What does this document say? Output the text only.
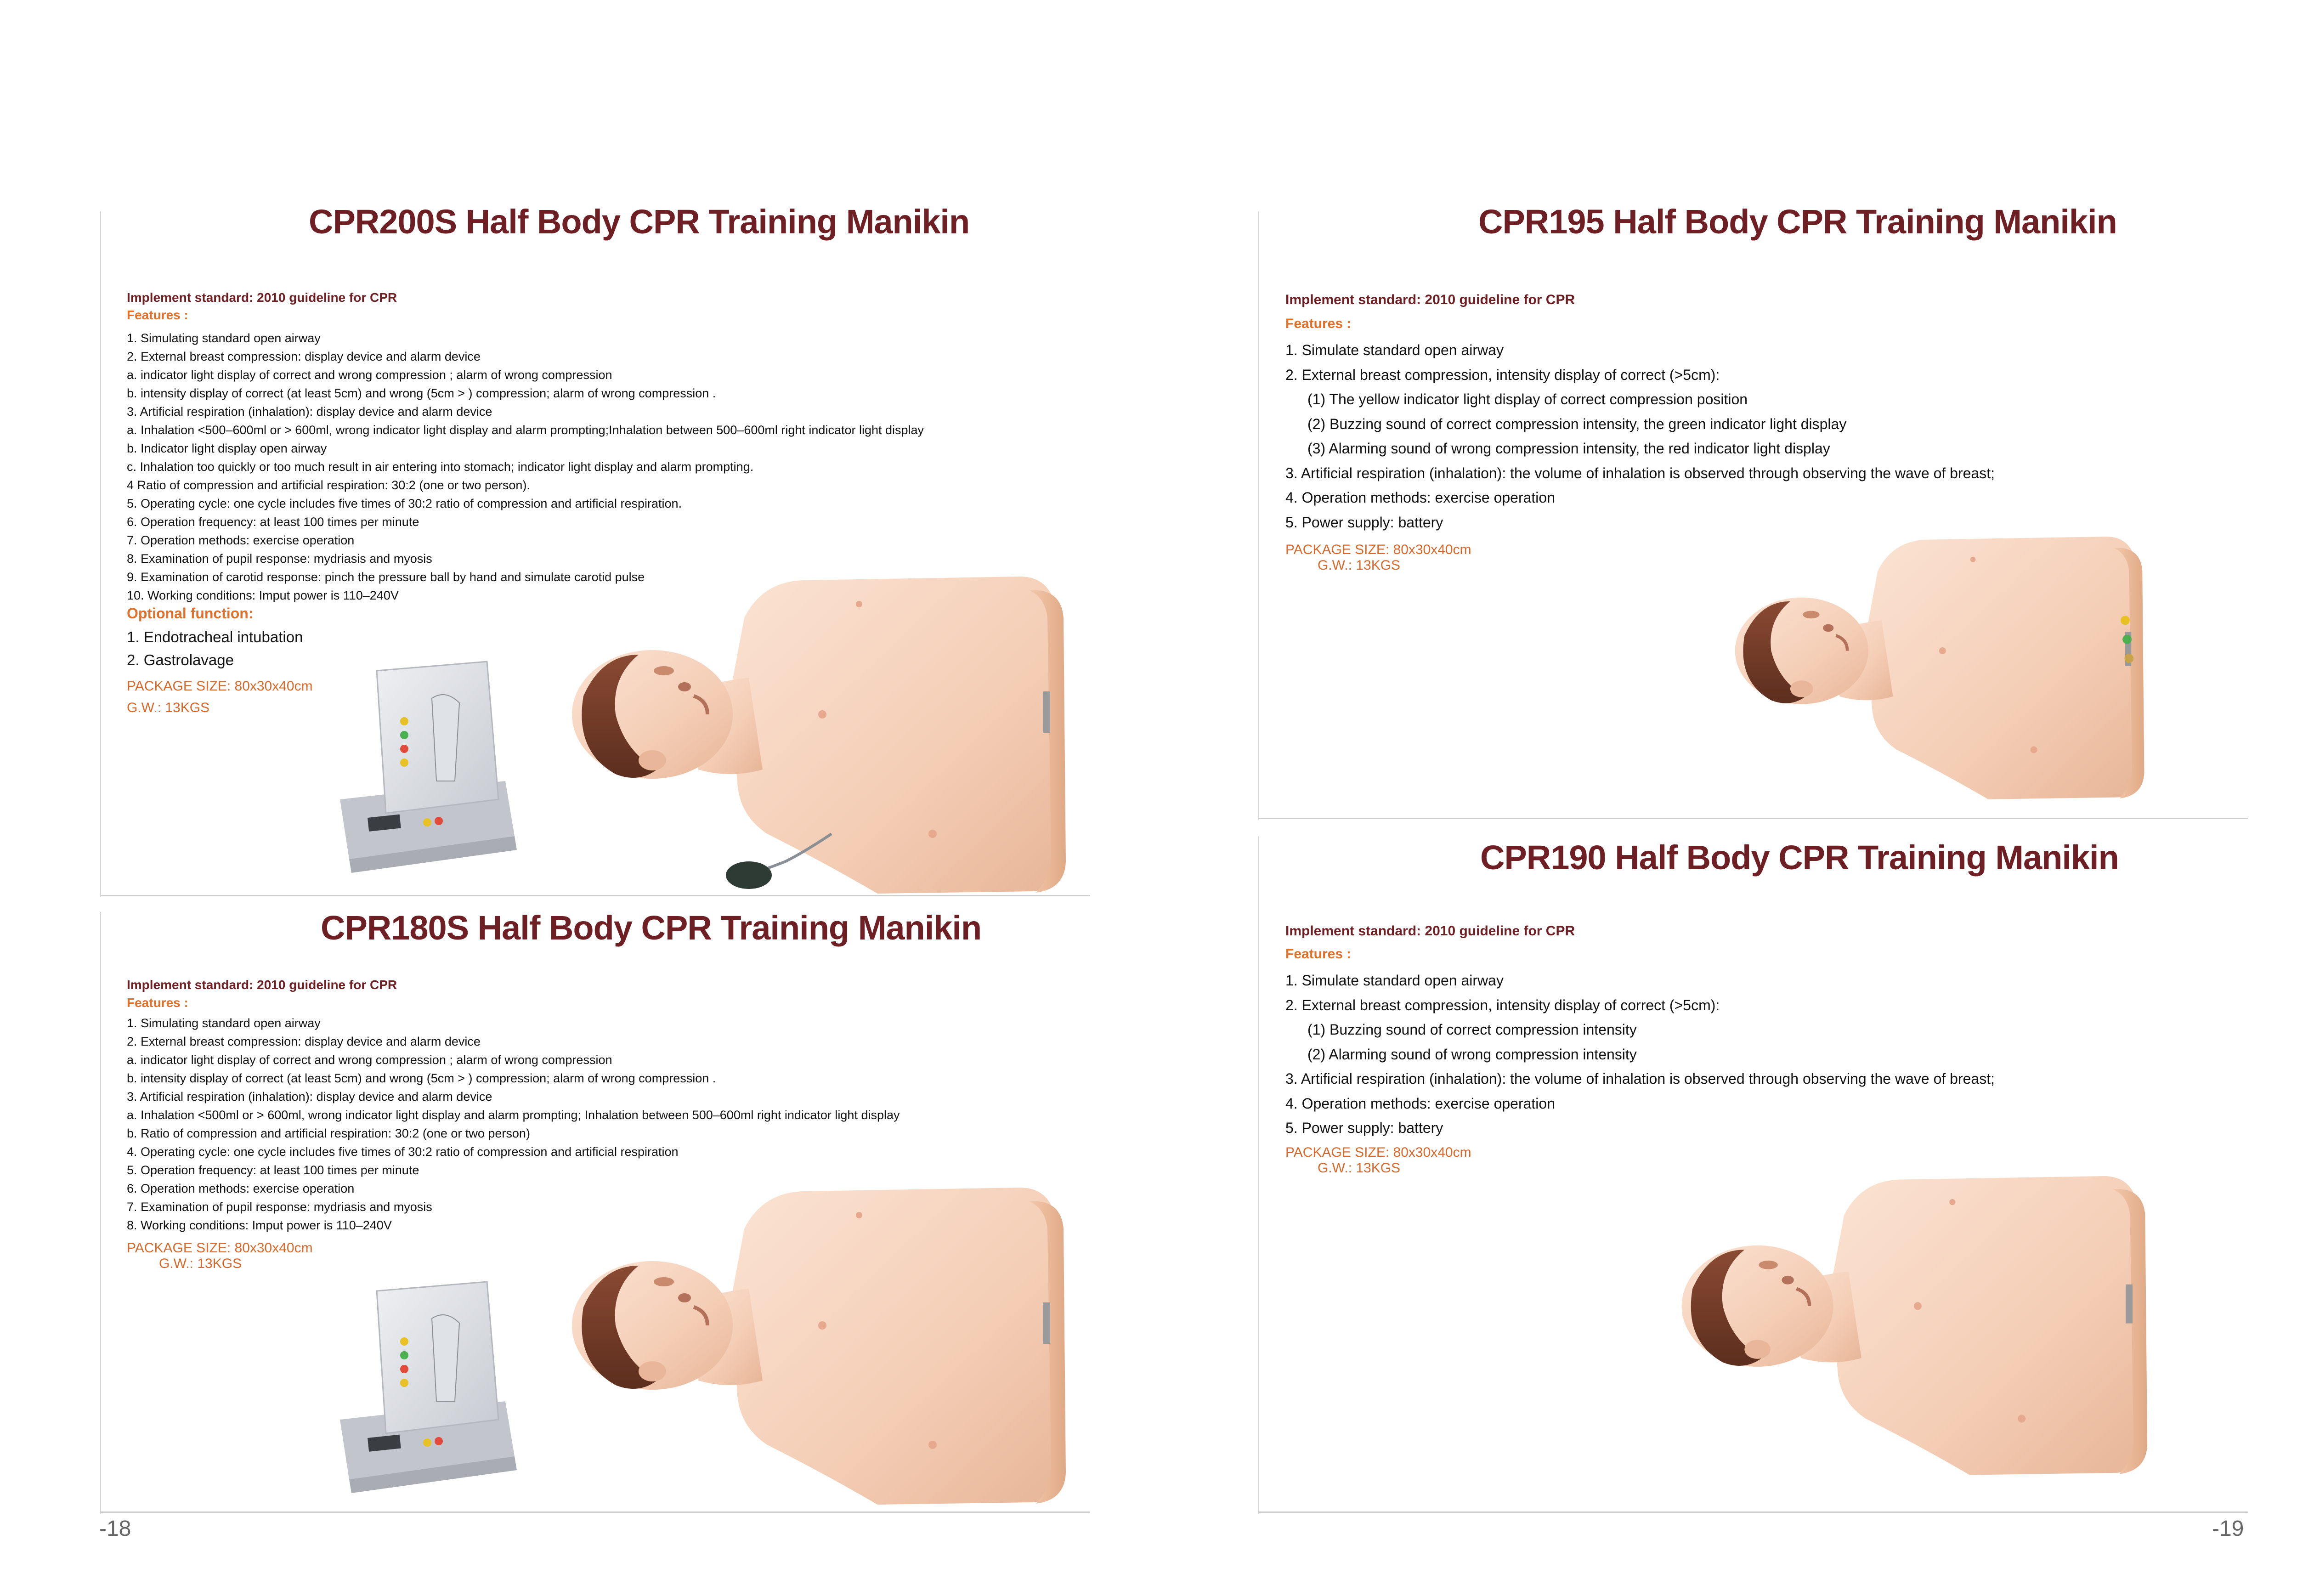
CPR200S Half Body CPR Training Manikin
Implement standard: 2010 guideline for CPR
Features :
1. Simulating standard open airway
2. External breast compression: display device and alarm device
a. indicator light display of correct and wrong compression ; alarm of wrong compression
b. intensity display of correct (at least 5cm) and wrong (5cm > ) compression; alarm of wrong compression .
3. Artificial respiration (inhalation): display device and alarm device
a. Inhalation <500–600ml or > 600ml, wrong indicator light display and alarm prompting;Inhalation between 500–600ml right indicator light display
b. Indicator light display open airway
c. Inhalation too quickly or too much result in air entering into stomach; indicator light display and alarm prompting.
4 Ratio of compression and artificial respiration: 30:2 (one or two person).
5. Operating cycle: one cycle includes five times of 30:2 ratio of compression and artificial respiration.
6. Operation frequency: at least 100 times per minute
7. Operation methods: exercise operation
8. Examination of pupil response: mydriasis and myosis
9. Examination of carotid response: pinch the pressure ball by hand and simulate carotid pulse
10. Working conditions: Imput power is 110–240V
Optional function:
1. Endotracheal intubation
2. Gastrolavage
PACKAGE SIZE: 80x30x40cm
G.W.: 13KGS
CPR180S Half Body CPR Training Manikin
Implement standard: 2010 guideline for CPR
Features :
1. Simulating standard open airway
2. External breast compression: display device and alarm device
a. indicator light display of correct and wrong compression ; alarm of wrong compression
b. intensity display of correct (at least 5cm) and wrong (5cm > ) compression; alarm of wrong compression .
3. Artificial respiration (inhalation): display device and alarm device
a. Inhalation <500ml or > 600ml, wrong indicator light display and alarm prompting; Inhalation between 500–600ml right indicator light display
b. Ratio of compression and artificial respiration: 30:2 (one or two person)
4. Operating cycle: one cycle includes five times of 30:2 ratio of compression and artificial respiration
5. Operation frequency: at least 100 times per minute
6. Operation methods: exercise operation
7. Examination of pupil response: mydriasis and myosis
8. Working conditions: Imput power is 110–240V
PACKAGE SIZE: 80x30x40cm G.W.: 13KGS
-18
CPR195 Half Body CPR Training Manikin
Implement standard: 2010 guideline for CPR
Features :
1. Simulate standard open airway
2. External breast compression, intensity display of correct (>5cm):
(1) The yellow indicator light display of correct compression position
(2) Buzzing sound of correct compression intensity, the green indicator light display
(3) Alarming sound of wrong compression intensity, the red indicator light display
3. Artificial respiration (inhalation): the volume of inhalation is observed through observing the wave of breast;
4. Operation methods: exercise operation
5. Power supply: battery
PACKAGE SIZE: 80x30x40cm G.W.: 13KGS
CPR190 Half Body CPR Training Manikin
Implement standard: 2010 guideline for CPR
Features :
1. Simulate standard open airway
2. External breast compression, intensity display of correct (>5cm):
(1) Buzzing sound of correct compression intensity
(2) Alarming sound of wrong compression intensity
3. Artificial respiration (inhalation): the volume of inhalation is observed through observing the wave of breast;
4. Operation methods: exercise operation
5. Power supply: battery
PACKAGE SIZE: 80x30x40cm G.W.: 13KGS
-19
